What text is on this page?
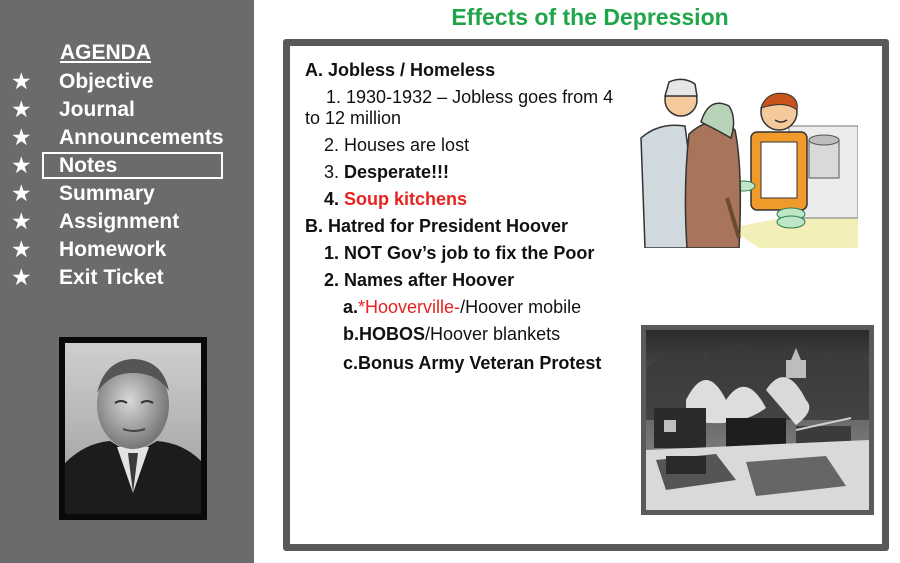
AGENDA
★ Objective
★ Journal
★ Announcements
★ Notes
★ Summary
★ Assignment
★ Homework
★ Exit Ticket
Effects of the Depression
A. Jobless / Homeless
1. 1930-1932 – Jobless goes from 4
to 12 million
2. Houses are lost
3. Desperate!!!
4. Soup kitchens
B. Hatred for President Hoover
1. NOT Gov’s job to fix the Poor
2. Names after Hoover
a.*Hooverville-/Hoover mobile
b.HOBOS/Hoover blankets
c.Bonus Army Veteran Protest
